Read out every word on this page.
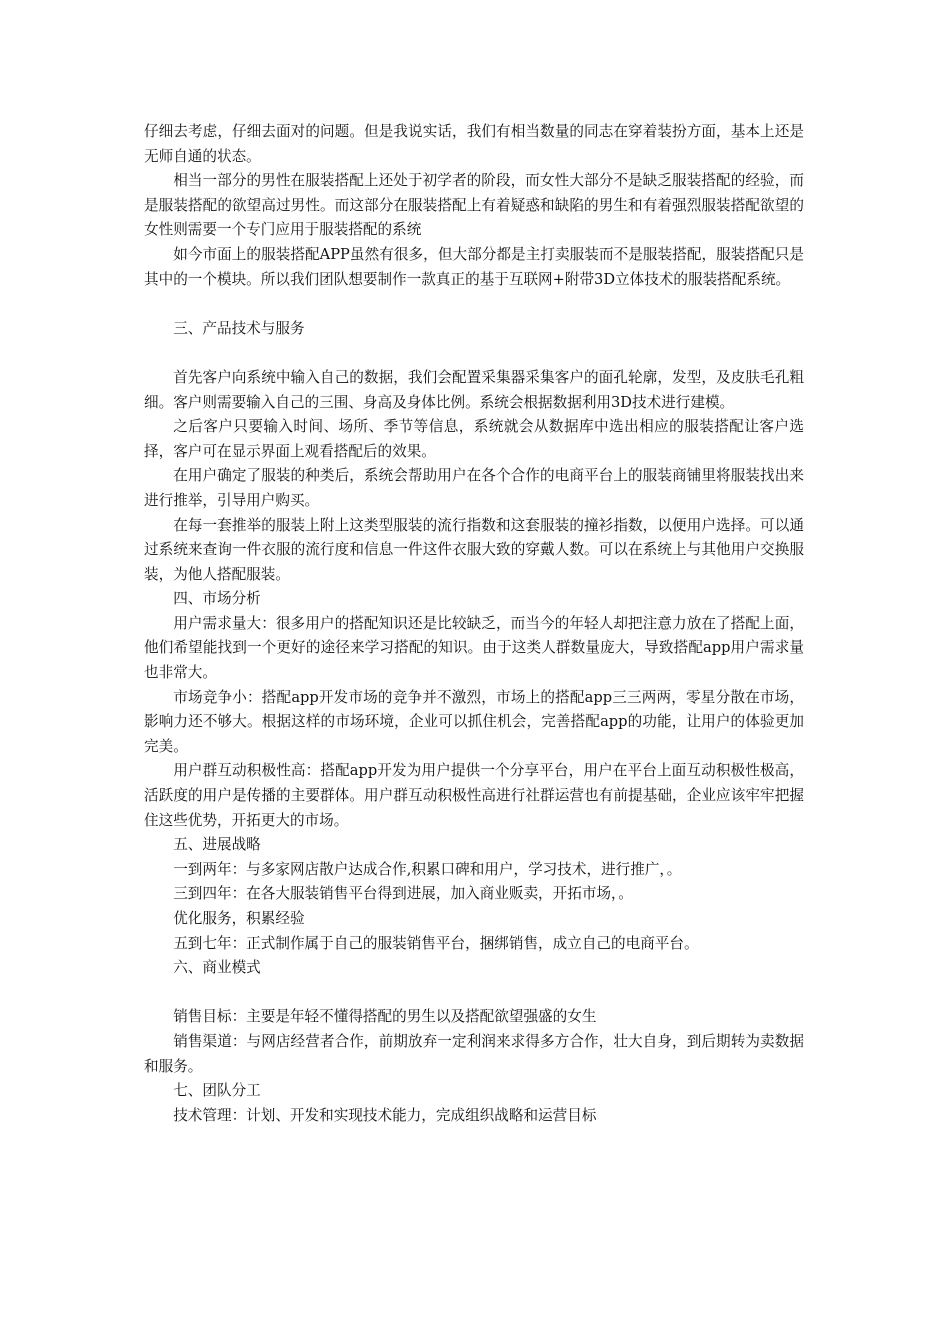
仔细去考虑，仔细去面对的问题。但是我说实话，我们有相当数量的同志在穿着装扮方面，基本上还是无师自通的状态。

相当一部分的男性在服装搭配上还处于初学者的阶段，而女性大部分不是缺乏服装搭配的经验，而是服装搭配的欲望高过男性。而这部分在服装搭配上有着疑惑和缺陷的男生和有着强烈服装搭配欲望的女性则需要一个专门应用于服装搭配的系统

如今市面上的服装搭配APP虽然有很多，但大部分都是主打卖服装而不是服装搭配，服装搭配只是其中的一个模块。所以我们团队想要制作一款真正的基于互联网+附带3D立体技术的服装搭配系统。

三、产品技术与服务

首先客户向系统中输入自己的数据，我们会配置采集器采集客户的面孔轮廓，发型，及皮肤毛孔粗细。客户则需要输入自己的三围、身高及身体比例。系统会根据数据利用3D技术进行建模。

之后客户只要输入时间、场所、季节等信息，系统就会从数据库中选出相应的服装搭配让客户选择，客户可在显示界面上观看搭配后的效果。

在用户确定了服装的种类后，系统会帮助用户在各个合作的电商平台上的服装商铺里将服装找出来进行推举，引导用户购买。

在每一套推举的服装上附上这类型服装的流行指数和这套服装的撞衫指数，以便用户选择。可以通过系统来查询一件衣服的流行度和信息一件这件衣服大致的穿戴人数。可以在系统上与其他用户交换服装，为他人搭配服装。

四、市场分析

用户需求量大：很多用户的搭配知识还是比较缺乏，而当今的年轻人却把注意力放在了搭配上面，他们希望能找到一个更好的途径来学习搭配的知识。由于这类人群数量庞大，导致搭配app用户需求量也非常大。

市场竞争小：搭配app开发市场的竞争并不激烈，市场上的搭配app三三两两，零星分散在市场，影响力还不够大。根据这样的市场环境，企业可以抓住机会，完善搭配app的功能，让用户的体验更加完美。

用户群互动积极性高：搭配app开发为用户提供一个分享平台，用户在平台上面互动积极性极高，活跃度的用户是传播的主要群体。用户群互动积极性高进行社群运营也有前提基础，企业应该牢牢把握住这些优势，开拓更大的市场。

五、进展战略

一到两年：与多家网店散户达成合作,积累口碑和用户，学习技术，进行推广，。

三到四年：在各大服装销售平台得到进展，加入商业贩卖，开拓市场，。

优化服务，积累经验

五到七年：正式制作属于自己的服装销售平台，捆绑销售，成立自己的电商平台。

六、商业模式

销售目标：主要是年轻不懂得搭配的男生以及搭配欲望强盛的女生

销售渠道：与网店经营者合作，前期放弃一定利润来求得多方合作，壮大自身，到后期转为卖数据和服务。

七、团队分工

技术管理：计划、开发和实现技术能力，完成组织战略和运营目标
